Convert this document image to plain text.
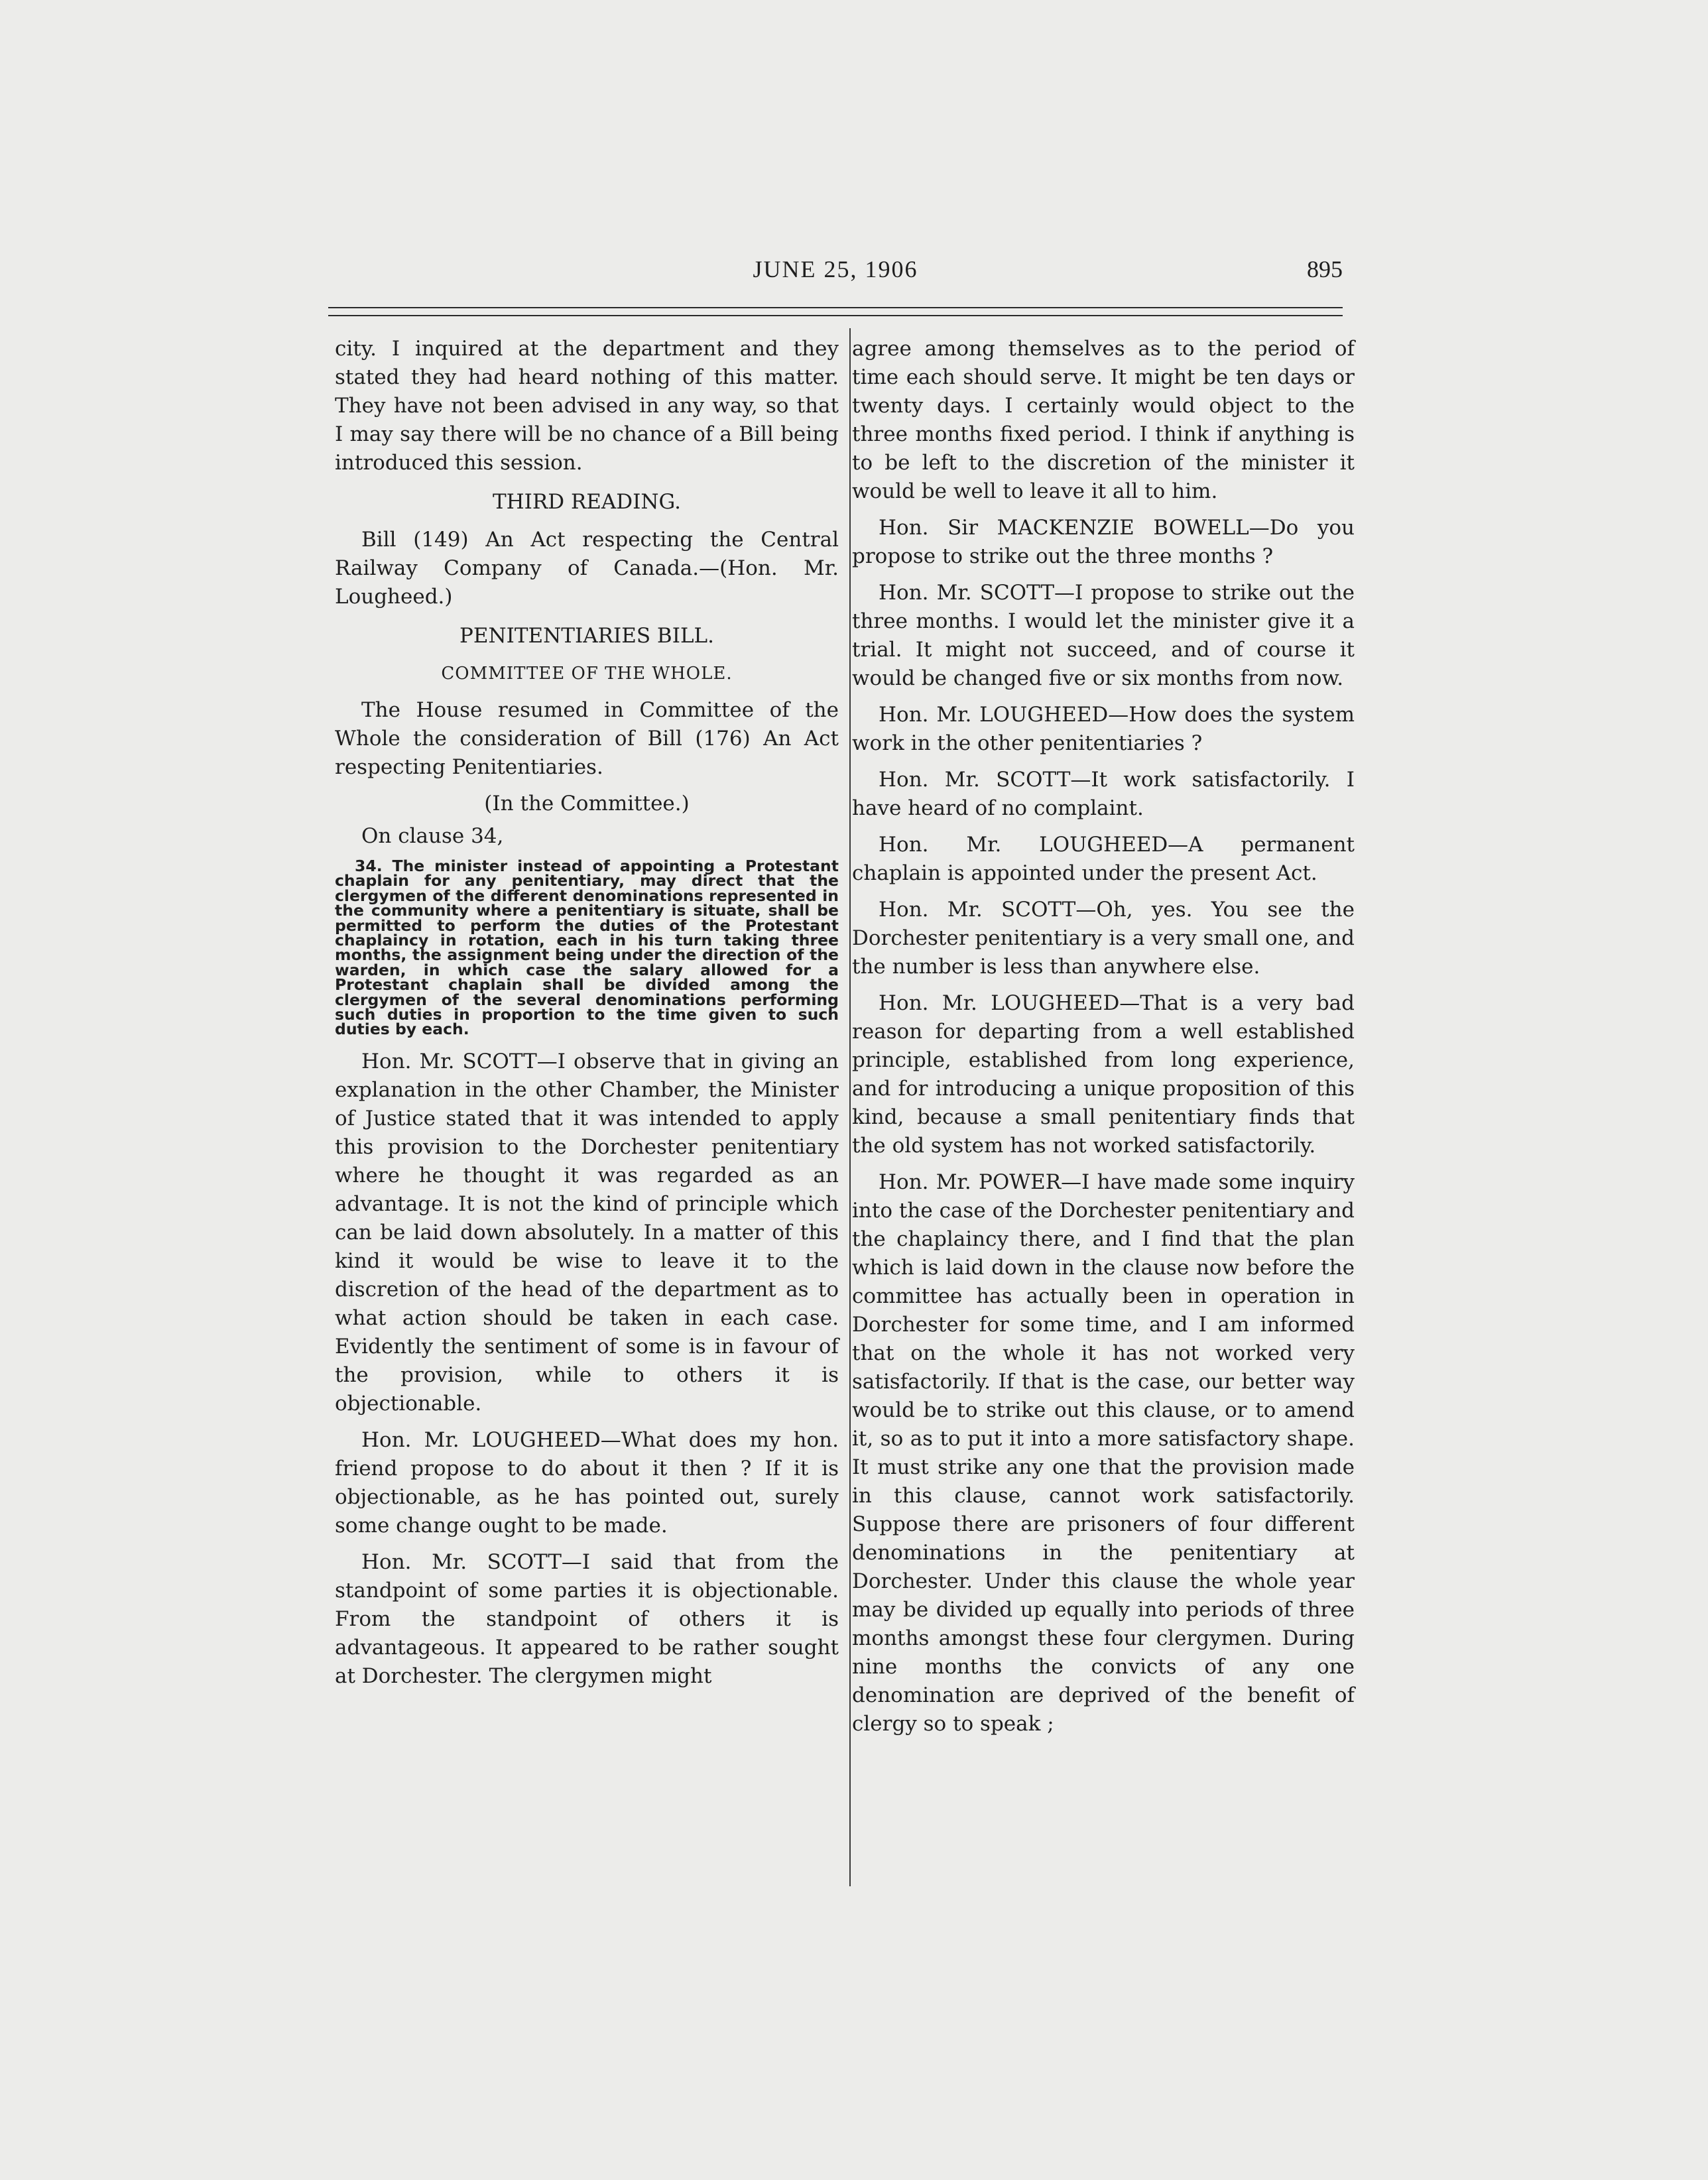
JUNE 25, 1906	895

city. I inquired at the department and they stated they had heard nothing of this matter. They have not been advised in any way, so that I may say there will be no chance of a Bill being introduced this session.

THIRD READING.

Bill (149) An Act respecting the Central Railway Company of Canada.—(Hon. Mr. Lougheed.)

PENITENTIARIES BILL.
COMMITTEE OF THE WHOLE.

The House resumed in Committee of the Whole the consideration of Bill (176) An Act respecting Penitentiaries.

(In the Committee.)

On clause 34,

34. The minister instead of appointing a Protestant chaplain for any penitentiary, may direct that the clergymen of the different denominations represented in the community where a penitentiary is situate, shall be permitted to perform the duties of the Protestant chaplaincy in rotation, each in his turn taking three months, the assignment being under the direction of the warden, in which case the salary allowed for a Protestant chaplain shall be divided among the clergymen of the several denominations performing such duties in proportion to the time given to such duties by each.

Hon. Mr. SCOTT—I observe that in giving an explanation in the other Chamber, the Minister of Justice stated that it was intended to apply this provision to the Dorchester penitentiary where he thought it was regarded as an advantage. It is not the kind of principle which can be laid down absolutely. In a matter of this kind it would be wise to leave it to the discretion of the head of the department as to what action should be taken in each case. Evidently the sentiment of some is in favour of the provision, while to others it is objectionable.

Hon. Mr. LOUGHEED—What does my hon. friend propose to do about it then ? If it is objectionable, as he has pointed out, surely some change ought to be made.

Hon. Mr. SCOTT—I said that from the standpoint of some parties it is objectionable. From the standpoint of others it is advantageous. It appeared to be rather sought at Dorchester. The clergymen might

agree among themselves as to the period of time each should serve. It might be ten days or twenty days. I certainly would object to the three months fixed period. I think if anything is to be left to the discretion of the minister it would be well to leave it all to him.

Hon. Sir MACKENZIE BOWELL—Do you propose to strike out the three months ?

Hon. Mr. SCOTT—I propose to strike out the three months. I would let the minister give it a trial. It might not succeed, and of course it would be changed five or six months from now.

Hon. Mr. LOUGHEED—How does the system work in the other penitentiaries ?

Hon. Mr. SCOTT—It work satisfactorily. I have heard of no complaint.

Hon. Mr. LOUGHEED—A permanent chaplain is appointed under the present Act.

Hon. Mr. SCOTT—Oh, yes. You see the Dorchester penitentiary is a very small one, and the number is less than anywhere else.

Hon. Mr. LOUGHEED—That is a very bad reason for departing from a well established principle, established from long experience, and for introducing a unique proposition of this kind, because a small penitentiary finds that the old system has not worked satisfactorily.

Hon. Mr. POWER—I have made some inquiry into the case of the Dorchester penitentiary and the chaplaincy there, and I find that the plan which is laid down in the clause now before the committee has actually been in operation in Dorchester for some time, and I am informed that on the whole it has not worked very satisfactorily. If that is the case, our better way would be to strike out this clause, or to amend it, so as to put it into a more satisfactory shape. It must strike any one that the provision made in this clause, cannot work satisfactorily. Suppose there are prisoners of four different denominations in the penitentiary at Dorchester. Under this clause the whole year may be divided up equally into periods of three months amongst these four clergymen. During nine months the convicts of any one denomination are deprived of the benefit of clergy so to speak ;
